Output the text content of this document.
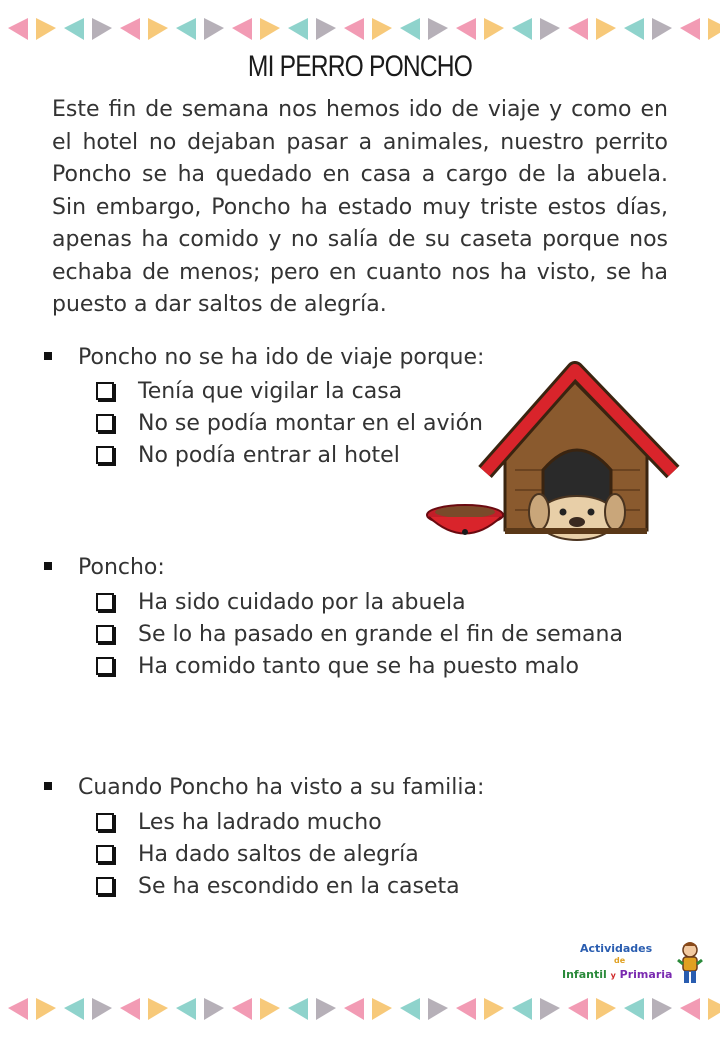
MI PERRO PONCHO

Este fin de semana nos hemos ido de viaje y como en el hotel no dejaban pasar a animales, nuestro perrito Poncho se ha quedado en casa a cargo de la abuela. Sin embargo, Poncho ha estado muy triste estos días, apenas ha comido y no salía de su caseta porque nos echaba de menos; pero en cuanto nos ha visto, se ha puesto a dar saltos de alegría.

Poncho no se ha ido de viaje porque:
Tenía que vigilar la casa
No se podía montar en el avión
No podía entrar al hotel
Poncho:
Ha sido cuidado por la abuela
Se lo ha pasado en grande el fin de semana
Ha comido tanto que se ha puesto malo
Cuando Poncho ha visto a su familia:
Les ha ladrado mucho
Ha dado saltos de alegría
Se ha escondido en la caseta
Actividades
de
Infantil y Primaria
